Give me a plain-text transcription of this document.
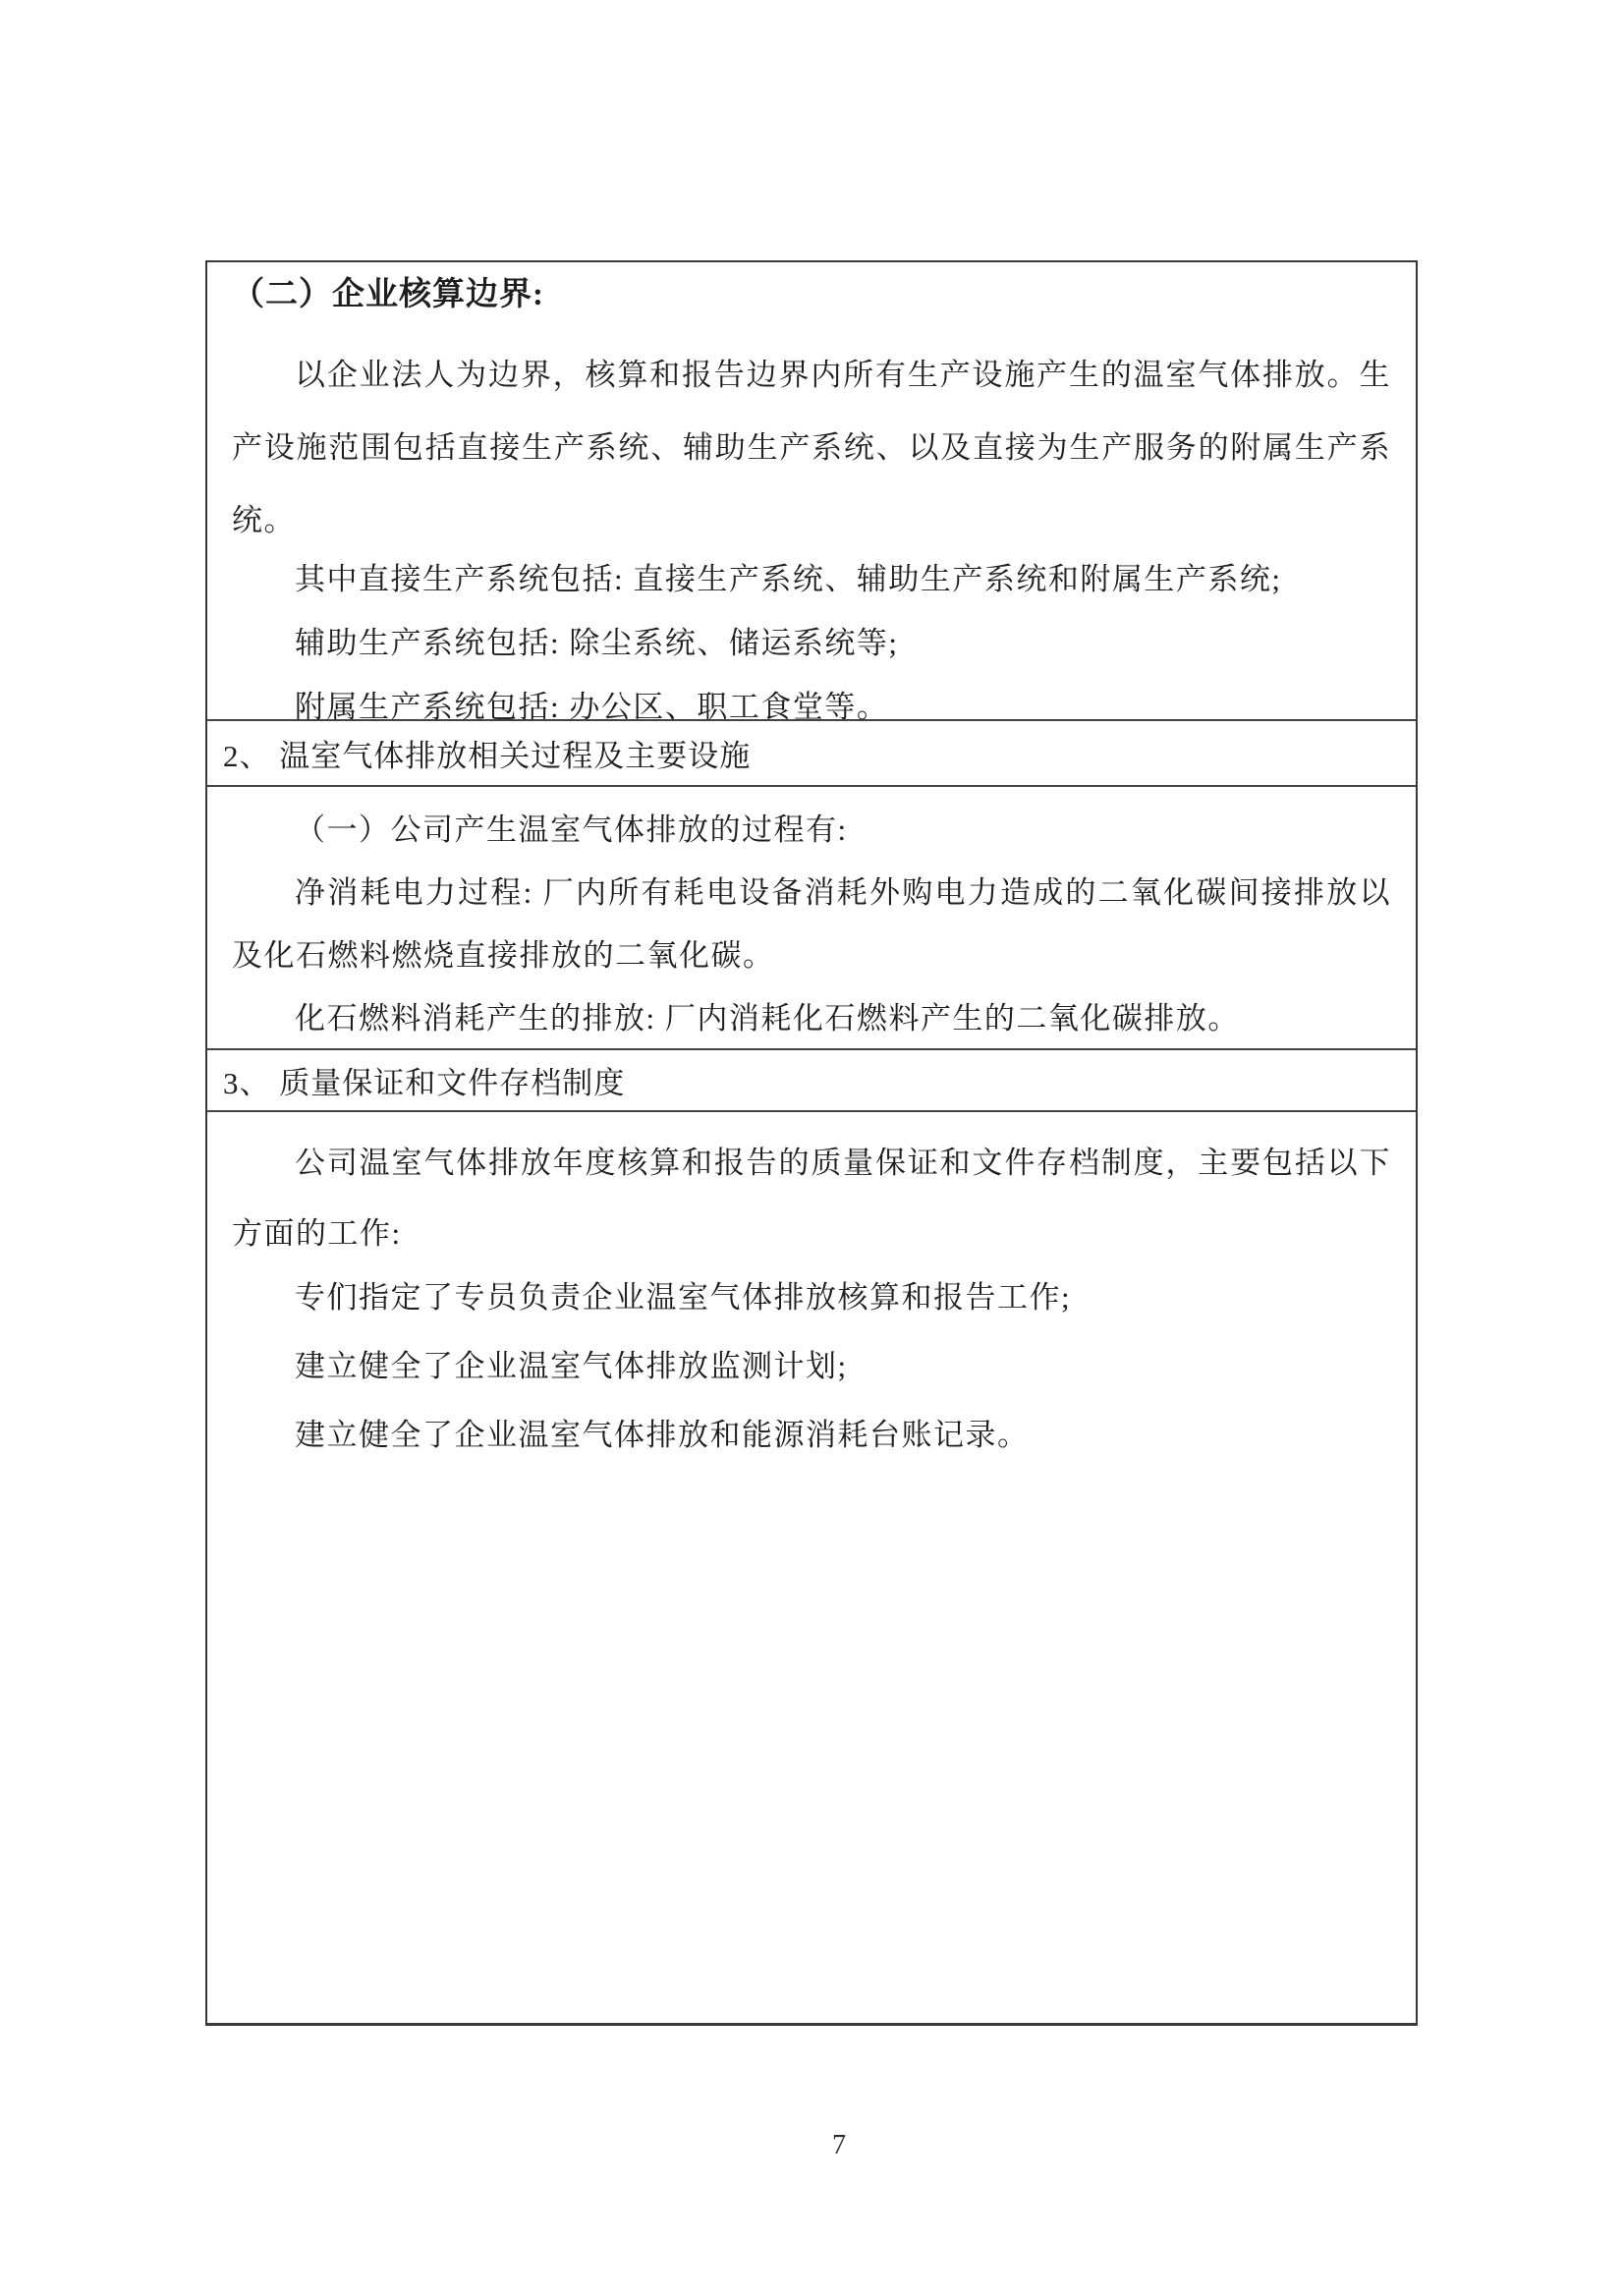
（二）企业核算边界:

以企业法人为边界，核算和报告边界内所有生产设施产生的温室气体排放。生产设施范围包括直接生产系统、辅助生产系统、以及直接为生产服务的附属生产系统。

其中直接生产系统包括: 直接生产系统、辅助生产系统和附属生产系统;

辅助生产系统包括: 除尘系统、储运系统等;

附属生产系统包括: 办公区、职工食堂等。

2、 温室气体排放相关过程及主要设施

（一）公司产生温室气体排放的过程有:

净消耗电力过程: 厂内所有耗电设备消耗外购电力造成的二氧化碳间接排放以及化石燃料燃烧直接排放的二氧化碳。

化石燃料消耗产生的排放: 厂内消耗化石燃料产生的二氧化碳排放。

3、 质量保证和文件存档制度

公司温室气体排放年度核算和报告的质量保证和文件存档制度，主要包括以下方面的工作:

专们指定了专员负责企业温室气体排放核算和报告工作;

建立健全了企业温室气体排放监测计划;

建立健全了企业温室气体排放和能源消耗台账记录。

7
